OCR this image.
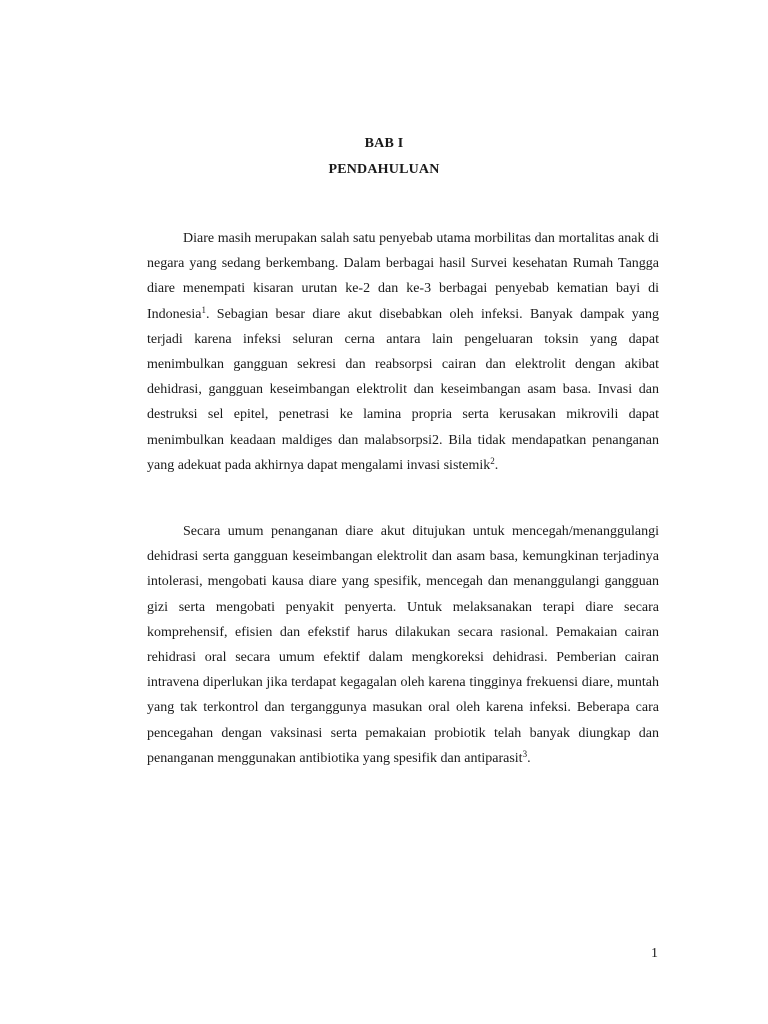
BAB I
PENDAHULUAN

Diare masih merupakan salah satu penyebab utama morbilitas dan mortalitas anak di negara yang sedang berkembang. Dalam berbagai hasil Survei kesehatan Rumah Tangga diare menempati kisaran urutan ke-2 dan ke-3 berbagai penyebab kematian bayi di Indonesia$^1$. Sebagian besar diare akut disebabkan oleh infeksi. Banyak dampak yang terjadi karena infeksi seluran cerna antara lain pengeluaran toksin yang dapat menimbulkan gangguan sekresi dan reabsorpsi cairan dan elektrolit dengan akibat dehidrasi, gangguan keseimbangan elektrolit dan keseimbangan asam basa. Invasi dan destruksi sel epitel, penetrasi ke lamina propria serta kerusakan mikrovili dapat menimbulkan keadaan maldiges dan malabsorpsi2. Bila tidak mendapatkan penanganan yang adekuat pada akhirnya dapat mengalami invasi sistemik$^2$.

Secara umum penanganan diare akut ditujukan untuk mencegah/menanggulangi dehidrasi serta gangguan keseimbangan elektrolit dan asam basa, kemungkinan terjadinya intolerasi, mengobati kausa diare yang spesifik, mencegah dan menanggulangi gangguan gizi serta mengobati penyakit penyerta. Untuk melaksanakan terapi diare secara komprehensif, efisien dan efekstif harus dilakukan secara rasional. Pemakaian cairan rehidrasi oral secara umum efektif dalam mengkoreksi dehidrasi. Pemberian cairan intravena diperlukan jika terdapat kegagalan oleh karena tingginya frekuensi diare, muntah yang tak terkontrol dan terganggunya masukan oral oleh karena infeksi. Beberapa cara pencegahan dengan vaksinasi serta pemakaian probiotik telah banyak diungkap dan penanganan menggunakan antibiotika yang spesifik dan antiparasit$^3$.

1
